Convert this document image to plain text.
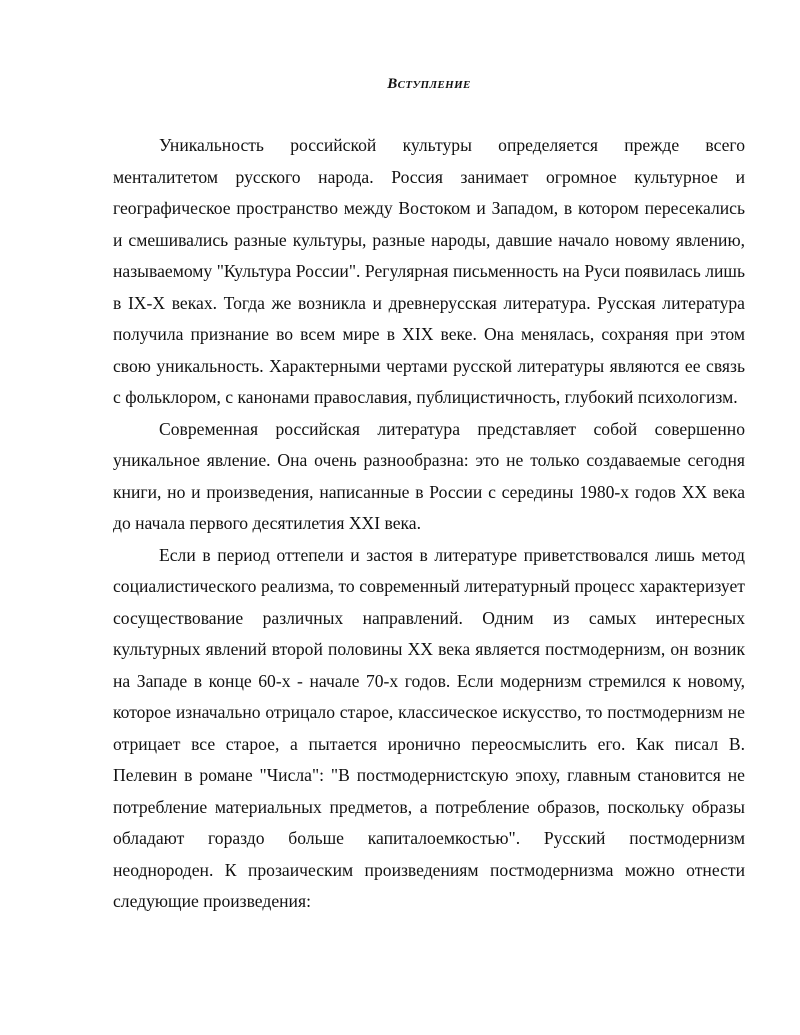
Вступление

Уникальность российской культуры определяется прежде всего менталитетом русского народа. Россия занимает огромное культурное и географическое пространство между Востоком и Западом, в котором пересекались и смешивались разные культуры, разные народы, давшие начало новому явлению, называемому "Культура России". Регулярная письменность на Руси появилась лишь в IX-X веках. Тогда же возникла и древнерусская литература. Русская литература получила признание во всем мире в XIX веке. Она менялась, сохраняя при этом свою уникальность. Характерными чертами русской литературы являются ее связь с фольклором, с канонами православия, публицистичность, глубокий психологизм.

Современная российская литература представляет собой совершенно уникальное явление. Она очень разнообразна: это не только создаваемые сегодня книги, но и произведения, написанные в России с середины 1980-х годов XX века до начала первого десятилетия XXI века.

Если в период оттепели и застоя в литературе приветствовался лишь метод социалистического реализма, то современный литературный процесс характеризует сосуществование различных направлений. Одним из самых интересных культурных явлений второй половины XX века является постмодернизм, он возник на Западе в конце 60-х - начале 70-х годов. Если модернизм стремился к новому, которое изначально отрицало старое, классическое искусство, то постмодернизм не отрицает все старое, а пытается иронично переосмыслить его. Как писал В. Пелевин в романе "Числа": "В постмодернистскую эпоху, главным становится не потребление материальных предметов, а потребление образов, поскольку образы обладают гораздо больше капиталоемкостью". Русский постмодернизм неоднороден. К прозаическим произведениям постмодернизма можно отнести следующие произведения:
